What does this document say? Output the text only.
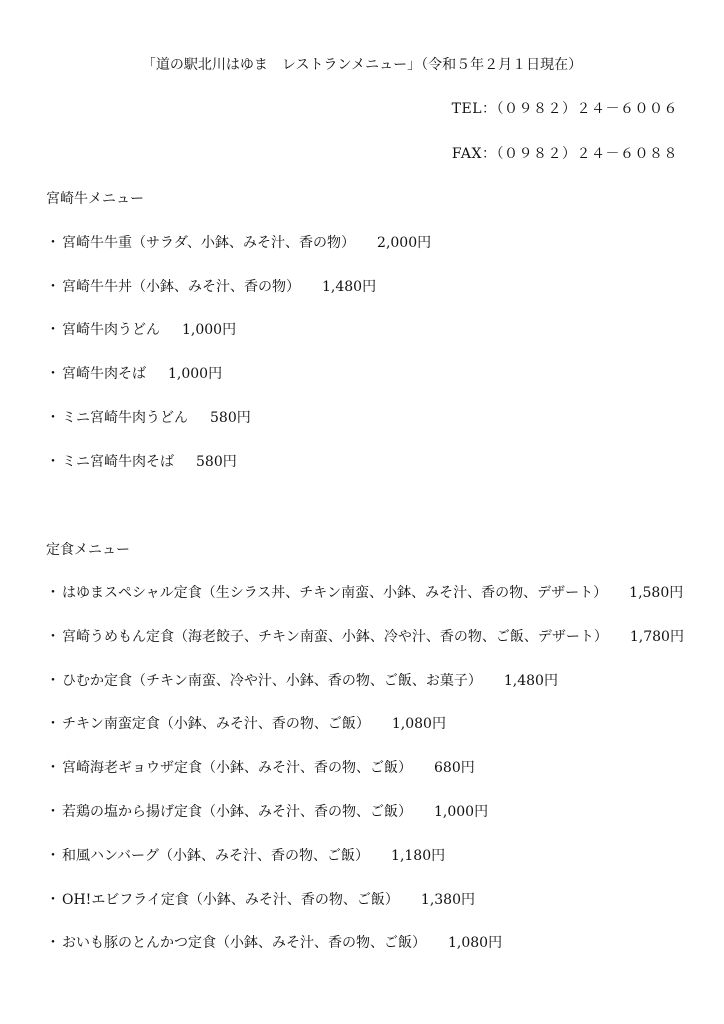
「道の駅北川はゆま　レストランメニュー」（令和５年２月１日現在）
TEL：（０９８２）２４－６００６
FAX：（０９８２）２４－６０８８
宮崎牛メニュー
・ 宮崎牛牛重（サラダ、小鉢、みそ汁、香の物） 2,000円
・ 宮崎牛牛丼（小鉢、みそ汁、香の物） 1,480円
・ 宮崎牛肉うどん 1,000円
・ 宮崎牛肉そば 1,000円
・ ミニ宮崎牛肉うどん 580円
・ ミニ宮崎牛肉そば 580円
定食メニュー
・ はゆまスペシャル定食（生シラス丼、チキン南蛮、小鉢、みそ汁、香の物、デザート） 1,580円
・ 宮崎うめもん定食（海老餃子、チキン南蛮、小鉢、冷や汁、香の物、ご飯、デザート） 1,780円
・ ひむか定食（チキン南蛮、冷や汁、小鉢、香の物、ご飯、お菓子） 1,480円
・ チキン南蛮定食（小鉢、みそ汁、香の物、ご飯） 1,080円
・ 宮崎海老ギョウザ定食（小鉢、みそ汁、香の物、ご飯） 680円
・ 若鶏の塩から揚げ定食（小鉢、みそ汁、香の物、ご飯） 1,000円
・ 和風ハンバーグ（小鉢、みそ汁、香の物、ご飯） 1,180円
・ OH!エビフライ定食（小鉢、みそ汁、香の物、ご飯） 1,380円
・ おいも豚のとんかつ定食（小鉢、みそ汁、香の物、ご飯） 1,080円
